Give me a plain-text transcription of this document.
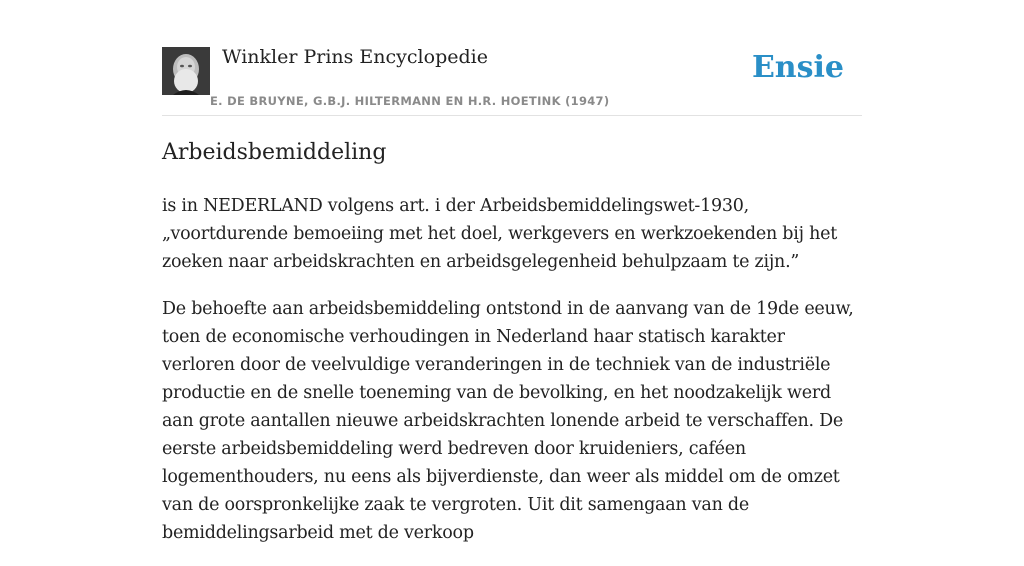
Winkler Prins Encyclopedie
E. DE BRUYNE, G.B.J. HILTERMANN EN H.R. HOETINK (1947)
Ensie
Arbeidsbemiddeling

is in NEDERLAND volgens art. i der Arbeidsbemiddelingswet-1930, „voortdurende bemoeiing met het doel, werkgevers en werkzoekenden bij het zoeken naar arbeidskrachten en arbeidsgelegenheid behulpzaam te zijn.”

De behoefte aan arbeidsbemiddeling ontstond in de aanvang van de 19de eeuw, toen de economische verhoudingen in Nederland haar statisch karakter verloren door de veelvuldige veranderingen in de techniek van de industriële productie en de snelle toeneming van de bevolking, en het noodzakelijk werd aan grote aantallen nieuwe arbeidskrachten lonende arbeid te verschaffen. De eerste arbeidsbemiddeling werd bedreven door kruideniers, caféen logementhouders, nu eens als bijverdienste, dan weer als middel om de omzet van de oorspronkelijke zaak te vergroten. Uit dit samengaan van de bemiddelingsarbeid met de verkoop
